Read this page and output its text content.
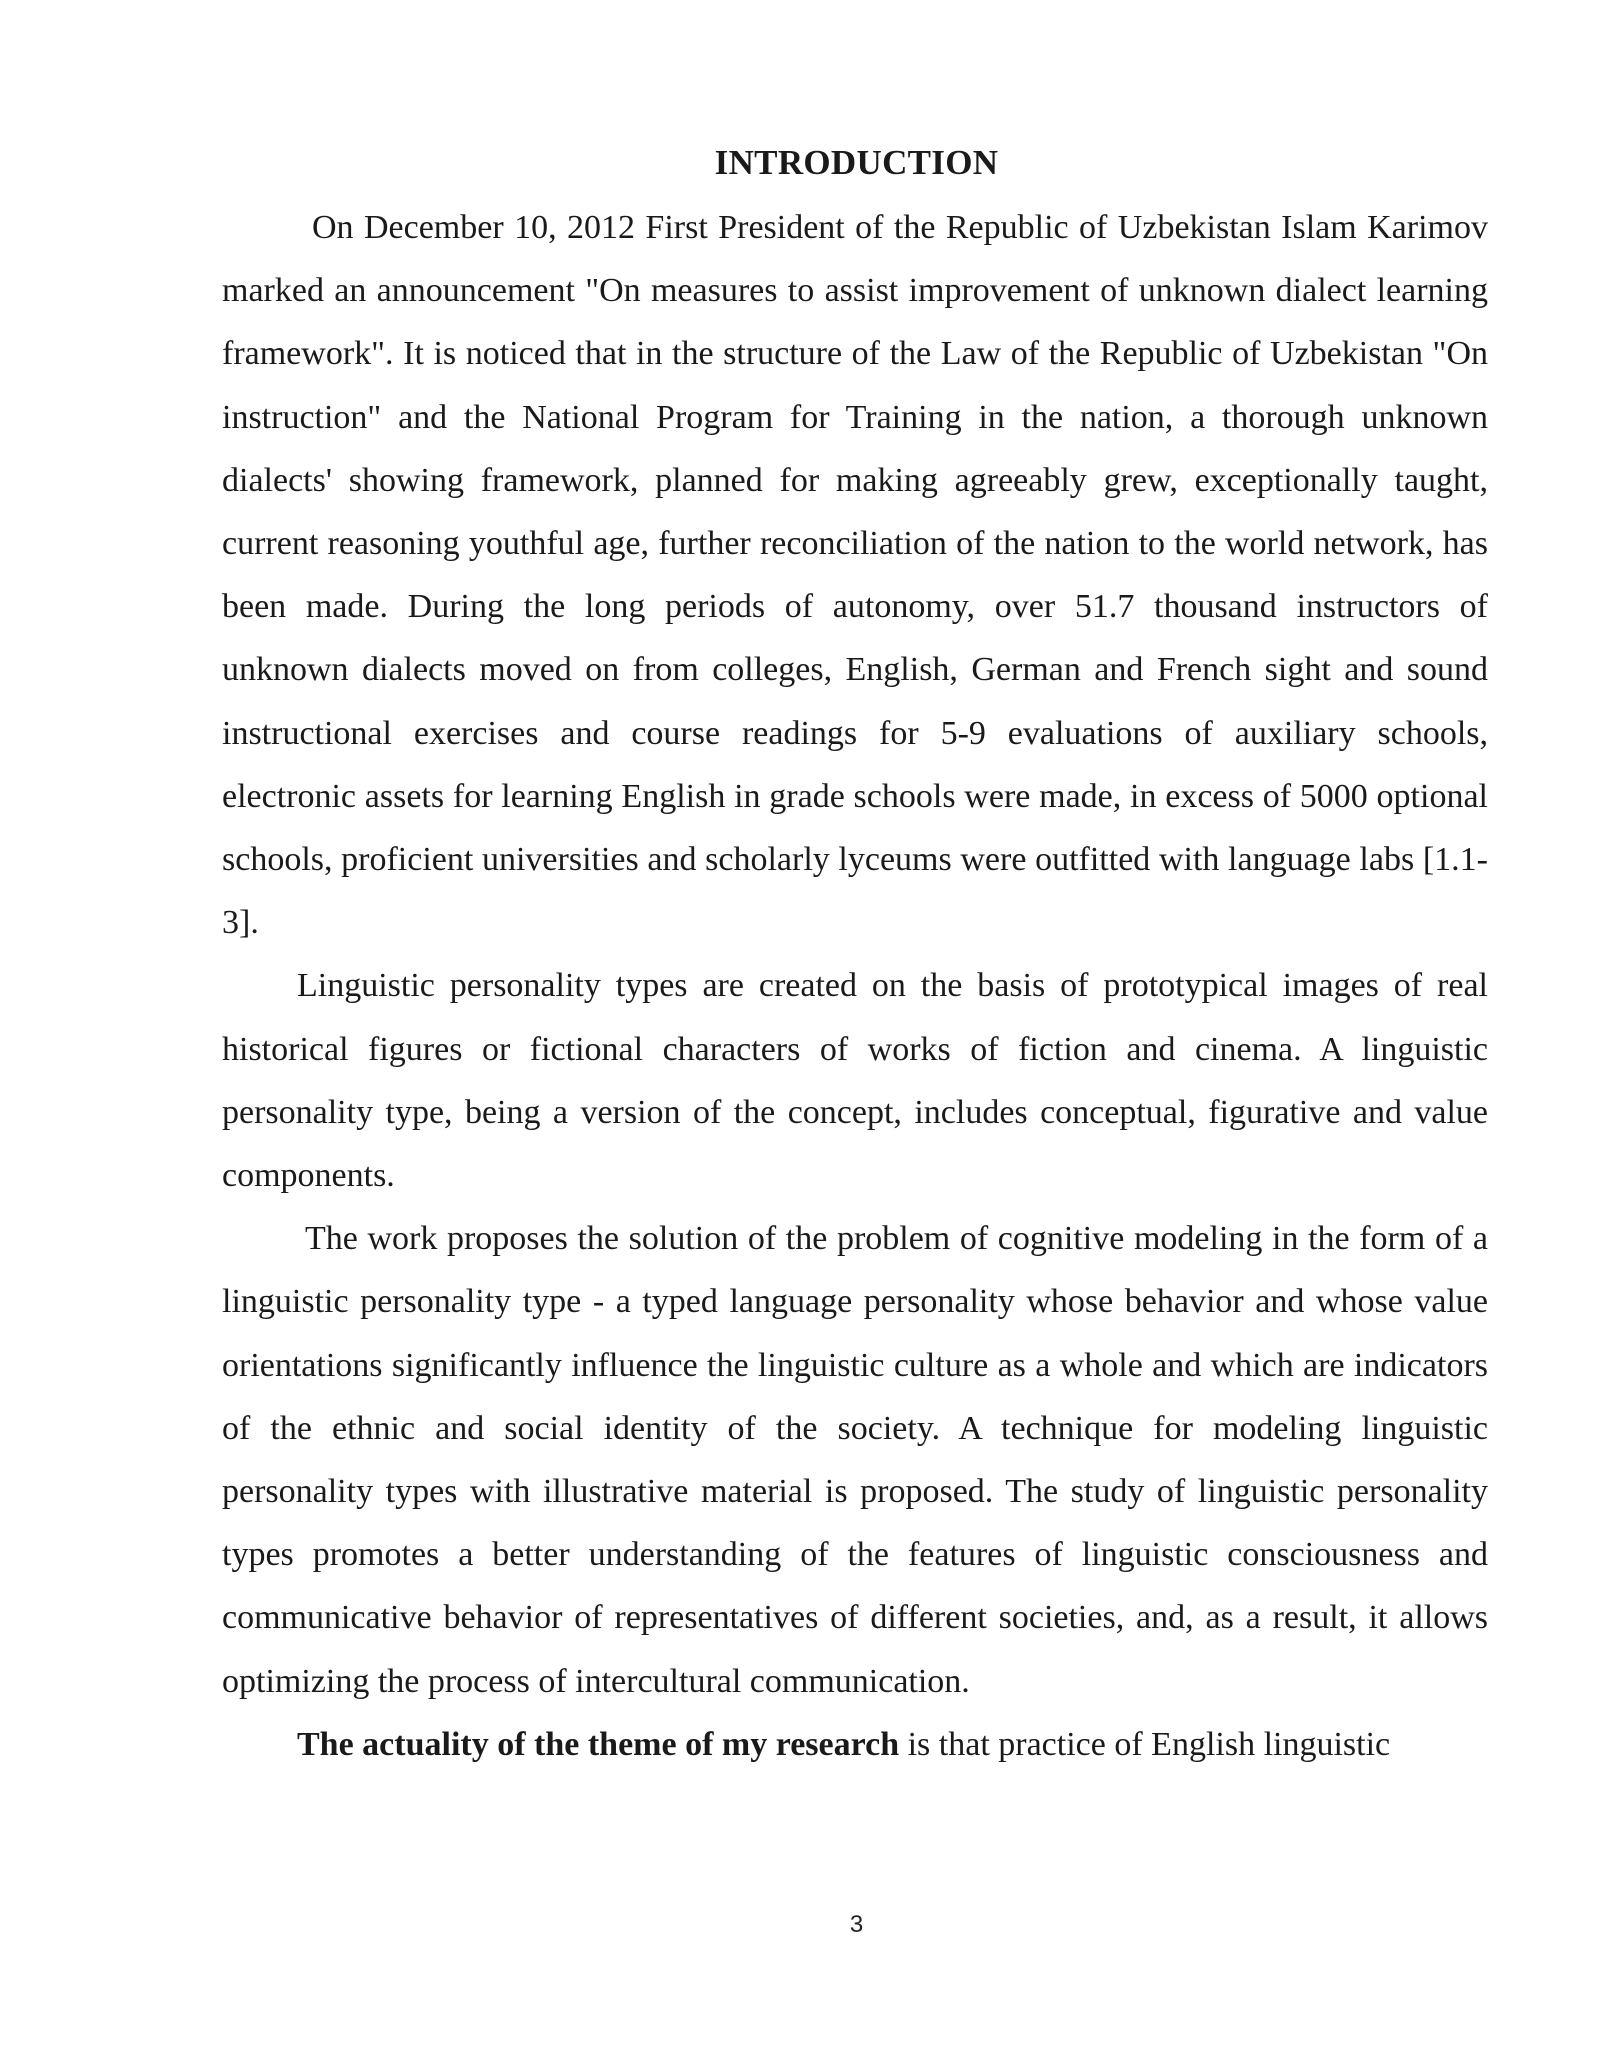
INTRODUCTION

On December 10, 2012 First President of the Republic of Uzbekistan Islam Karimov marked an announcement "On measures to assist improvement of unknown dialect learning framework". It is noticed that in the structure of the Law of the Republic of Uzbekistan "On instruction" and the National Program for Training in the nation, a thorough unknown dialects' showing framework, planned for making agreeably grew, exceptionally taught, current reasoning youthful age, further reconciliation of the nation to the world network, has been made. During the long periods of autonomy, over 51.7 thousand instructors of unknown dialects moved on from colleges, English, German and French sight and sound instructional exercises and course readings for 5-9 evaluations of auxiliary schools, electronic assets for learning English in grade schools were made, in excess of 5000 optional schools, proficient universities and scholarly lyceums were outfitted with language labs [1.1-3].

Linguistic personality types are created on the basis of prototypical images of real historical figures or fictional characters of works of fiction and cinema. A linguistic personality type, being a version of the concept, includes conceptual, figurative and value components.

The work proposes the solution of the problem of cognitive modeling in the form of a linguistic personality type - a typed language personality whose behavior and whose value orientations significantly influence the linguistic culture as a whole and which are indicators of the ethnic and social identity of the society. A technique for modeling linguistic personality types with illustrative material is proposed. The study of linguistic personality types promotes a better understanding of the features of linguistic consciousness and communicative behavior of representatives of different societies, and, as a result, it allows optimizing the process of intercultural communication.

The actuality of the theme of my research is that practice of English linguistic

3
